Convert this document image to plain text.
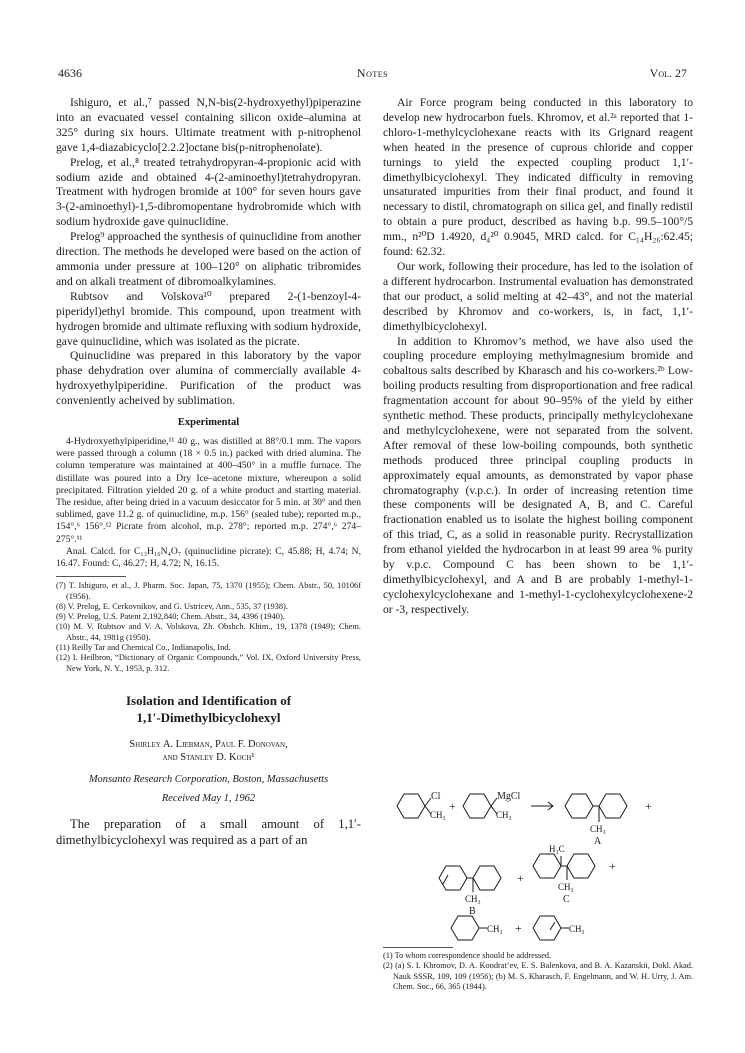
4636	Notes	Vol. 27

Ishiguro, et al.,⁷ passed N,N-bis(2-hydroxyethyl)piperazine into an evacuated vessel containing silicon oxide–alumina at 325° during six hours. Ultimate treatment with p-nitrophenol gave 1,4-diazabicyclo[2.2.2]octane bis(p-nitrophenolate).

Prelog, et al.,⁸ treated tetrahydropyran-4-propionic acid with sodium azide and obtained 4-(2-aminoethyl)tetrahydropyran. Treatment with hydrogen bromide at 100° for seven hours gave 3-(2-aminoethyl)-1,5-dibromopentane hydrobromide which with sodium hydroxide gave quinuclidine.

Prelog⁹ approached the synthesis of quinuclidine from another direction. The methods he developed were based on the action of ammonia under pressure at 100–120° on aliphatic tribromides and on alkali treatment of dibromoalkylamines.

Rubtsov and Volskova¹⁰ prepared 2-(1-benzoyl-4-piperidyl)ethyl bromide. This compound, upon treatment with hydrogen bromide and ultimate refluxing with sodium hydroxide, gave quinuclidine, which was isolated as the picrate.

Quinuclidine was prepared in this laboratory by the vapor phase dehydration over alumina of commercially available 4-hydroxyethylpiperidine. Purification of the product was conveniently acheived by sublimation.

Experimental

4-Hydroxyethylpiperidine,¹¹ 40 g., was distilled at 88°/0.1 mm. The vapors were passed through a column (18 × 0.5 in.) packed with dried alumina. The column temperature was maintained at 400–450° in a muffle furnace. The distillate was poured into a Dry Ice–acetone mixture, whereupon a solid precipitated. Filtration yielded 20 g. of a white product and starting material. The residue, after being dried in a vacuum desiccator for 5 min. at 30° and then sublimed, gave 11.2 g. of quinuclidine, m.p. 156° (sealed tube); reported m.p., 154°,⁶ 156°.¹² Picrate from alcohol, m.p. 278°; reported m.p. 274°,⁶ 274–275°.¹¹

Anal. Calcd. for C₁₃H₁₆N₄O₇ (quinuclidine picrate): C, 45.88; H, 4.74; N, 16.47. Found: C, 46.27; H, 4.72; N, 16.15.

(7) T. Ishiguro, et al., J. Pharm. Soc. Japan, 75, 1370 (1955); Chem. Abstr., 50, 10106f (1956).
(8) V. Prelog, E. Cerkovnikov, and G. Ustricev, Ann., 535, 37 (1938).
(9) V. Prelog, U.S. Patent 2,192,840; Chem. Abstr., 34, 4396 (1940).
(10) M. V. Rubtsov and V. A. Volskova, Zh. Obshch. Khim., 19, 1378 (1949); Chem. Abstr., 44, 1981g (1950).
(11) Reilly Tar and Chemical Co., Indianapolis, Ind.
(12) I. Heilbron, “Dictionary of Organic Compounds,” Vol. IX, Oxford University Press, New York, N. Y., 1953, p. 312.
Isolation and Identification of
1,1′-Dimethylbicyclohexyl
Shirley A. Liebman, Paul F. Donovan,
and Stanley D. Koch¹
Monsanto Research Corporation, Boston, Massachusetts
Received May 1, 1962

The preparation of a small amount of 1,1′-dimethylbicyclohexyl was required as a part of an

Air Force program being conducted in this laboratory to develop new hydrocarbon fuels. Khromov, et al.²ᵃ reported that 1-chloro-1-methylcyclohexane reacts with its Grignard reagent when heated in the presence of cuprous chloride and copper turnings to yield the expected coupling product 1,1′-dimethylbicyclohexyl. They indicated difficulty in removing unsaturated impurities from their final product, and found it necessary to distil, chromatograph on silica gel, and finally redistil to obtain a pure product, described as having b.p. 99.5–100°/5 mm., n²⁰D 1.4920, d₄²⁰ 0.9045, MRD calcd. for C₁₄H₂₆:62.45; found: 62.32.

Our work, following their procedure, has led to the isolation of a different hydrocarbon. Instrumental evaluation has demonstrated that our product, a solid melting at 42–43°, and not the material described by Khromov and co-workers, is, in fact, 1,1′-dimethylbicyclohexyl.

In addition to Khromov’s method, we have also used the coupling procedure employing methylmagnesium bromide and cobaltous salts described by Kharasch and his co-workers.²ᵇ Low-boiling products resulting from disproportionation and free radical fragmentation account for about 90–95% of the yield by either synthetic method. These products, principally methylcyclohexane and methylcyclohexene, were not separated from the solvent. After removal of these low-boiling compounds, both synthetic methods produced three principal coupling products in approximately equal amounts, as demonstrated by vapor phase chromatography (v.p.c.). In order of increasing retention time these components will be designated A, B, and C. Careful fractionation enabled us to isolate the highest boiling component of this triad, C, as a solid in reasonable purity. Recrystallization from ethanol yielded the hydrocarbon in at least 99 area % purity by v.p.c. Compound C has been shown to be 1,1′-dimethylbicyclohexyl, and A and B are probably 1-methyl-1-cyclohexylcyclohexane and 1-methyl-1-cyclohexylcyclohexene-2 or -3, respectively.

Cl
CH₃
+
MgCl
CH₃
CH₃
A
+
CH₃
B
+
H₃C
CH₃
C
+
CH₃ +	CH₃
(1) To whom correspondence should be addressed.
(2) (a) S. I. Khromov, D. A. Kondrat’ev, E. S. Balenkova, and B. A. Kazanskii, Dokl. Akad. Nauk SSSR, 109, 109 (1956); (b) M. S. Kharasch, F. Engelmann, and W. H. Urry, J. Am. Chem. Soc., 66, 365 (1944).
